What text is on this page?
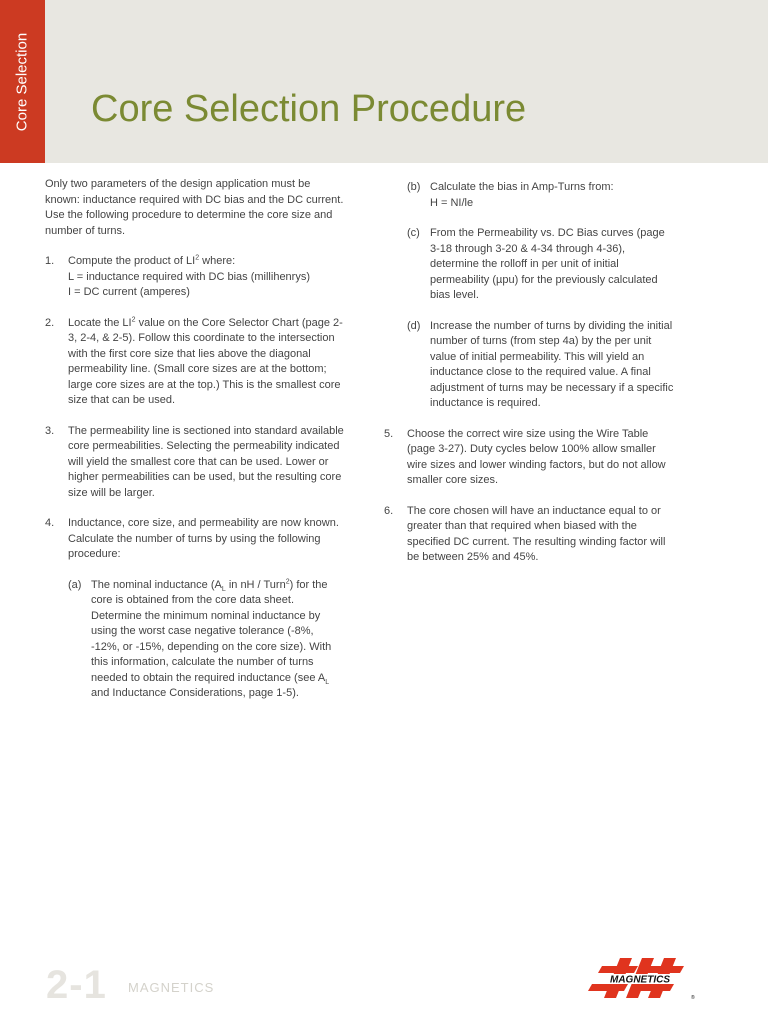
Core Selection Core Selection Procedure

Only two parameters of the design application must be known: inductance required with DC bias and the DC current. Use the following procedure to determine the core size and number of turns.

1. Compute the product of $LI^2$ where:
L = inductance required with DC bias (millihenrys)
I = DC current (amperes)
2. Locate the $LI^2$ value on the Core Selector Chart (page 2-3, 2-4, & 2-5). Follow this coordinate to the intersection with the first core size that lies above the diagonal permeability line. (Small core sizes are at the bottom; large core sizes are at the top.) This is the smallest core size that can be used.
3. The permeability line is sectioned into standard available core permeabilities. Selecting the permeability indicated will yield the smallest core that can be used. Lower or higher permeabilities can be used, but the resulting core size will be larger.
4. Inductance, core size, and permeability are now known. Calculate the number of turns by using the following procedure:
(a) The nominal inductance ($A_L$ in nH / Turn$^2$) for the core is obtained from the core data sheet. Determine the minimum nominal inductance by using the worst case negative tolerance (-8%, -12%, or -15%, depending on the core size). With this information, calculate the number of turns needed to obtain the required inductance (see $A_L$ and Inductance Considerations, page 1-5).
(b) Calculate the bias in Amp-Turns from:
H = NI/le
(c) From the Permeability vs. DC Bias curves (page 3-18 through 3-20 & 4-34 through 4-36), determine the rolloff in per unit of initial permeability (µpu) for the previously calculated bias level.
(d) Increase the number of turns by dividing the initial number of turns (from step 4a) by the per unit value of initial permeability. This will yield an inductance close to the required value. A final adjustment of turns may be necessary if a specific inductance is required.
5. Choose the correct wire size using the Wire Table (page 3-27). Duty cycles below 100% allow smaller wire sizes and lower winding factors, but do not allow smaller core sizes.
6. The core chosen will have an inductance equal to or greater than that required when biased with the specified DC current. The resulting winding factor will be between 25% and 45%.
2-1 MAGNETICS	MAGNETICS
®
